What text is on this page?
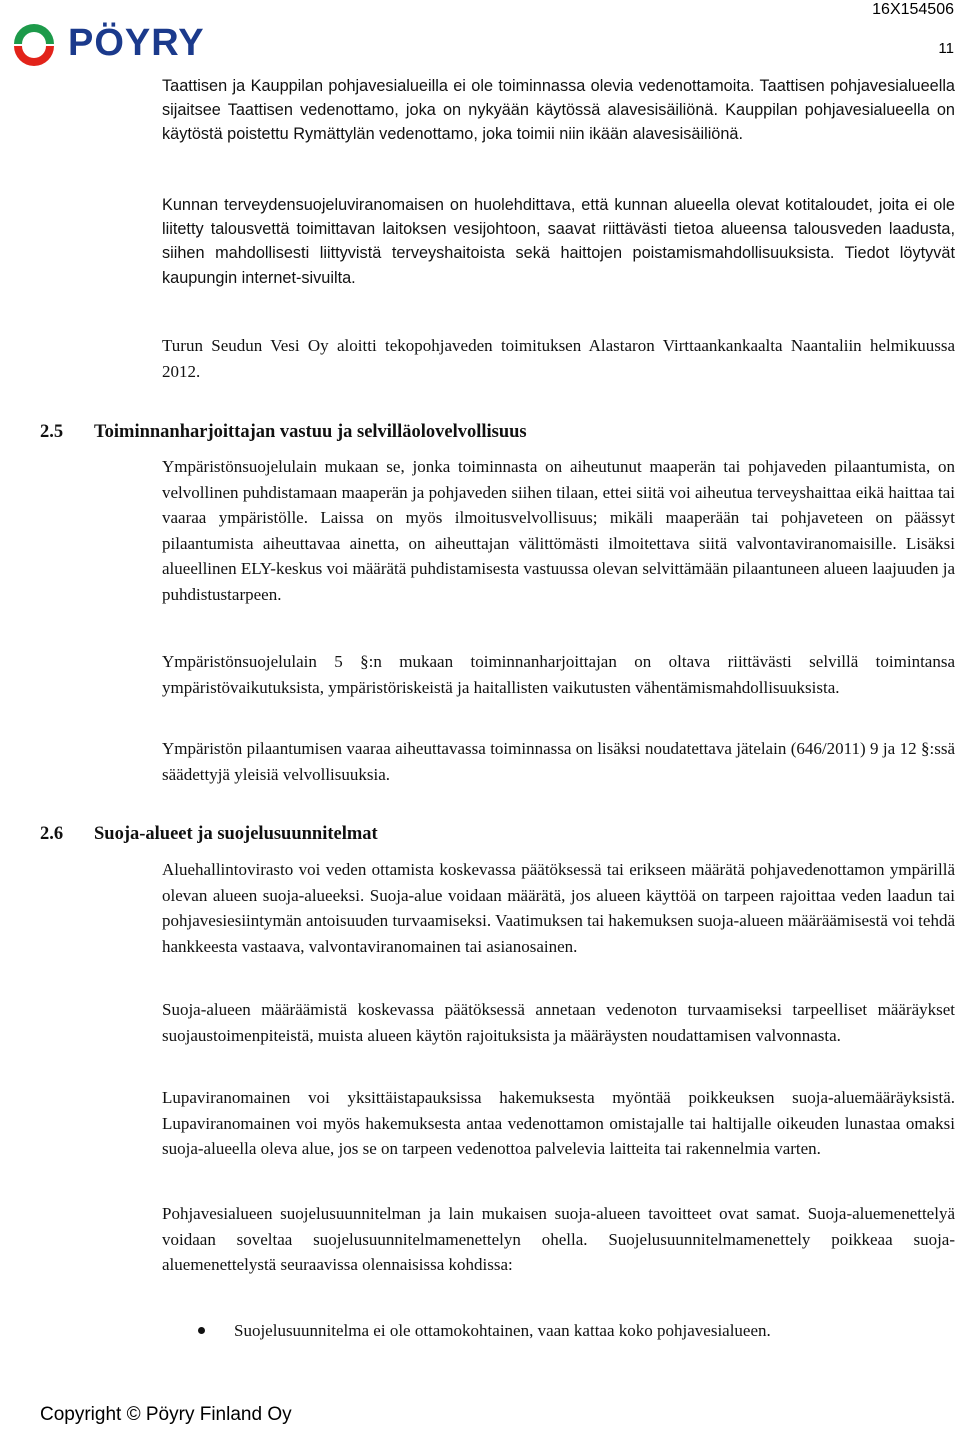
PÖYRY
16X154506
11

Taattisen ja Kauppilan pohjavesialueilla ei ole toiminnassa olevia vedenottamoita. Taattisen pohjavesialueella sijaitsee Taattisen vedenottamo, joka on nykyään käytössä alavesisäiliönä. Kauppilan pohjavesialueella on käytöstä poistettu Rymättylän vedenottamo, joka toimii niin ikään alavesisäiliönä.

Kunnan terveydensuojeluviranomaisen on huolehdittava, että kunnan alueella olevat kotitaloudet, joita ei ole liitetty talousvettä toimittavan laitoksen vesijohtoon, saavat riittävästi tietoa alueensa talousveden laadusta, siihen mahdollisesti liittyvistä terveyshaitoista sekä haittojen poistamismahdollisuuksista. Tiedot löytyvät kaupungin internet-sivuilta.

Turun Seudun Vesi Oy aloitti tekopohjaveden toimituksen Alastaron Virttaankankaalta Naantaliin helmikuussa 2012.

2.5 Toiminnanharjoittajan vastuu ja selvilläolovelvollisuus

Ympäristönsuojelulain mukaan se, jonka toiminnasta on aiheutunut maaperän tai pohjaveden pilaantumista, on velvollinen puhdistamaan maaperän ja pohjaveden siihen tilaan, ettei siitä voi aiheutua terveyshaittaa eikä haittaa tai vaaraa ympäristölle. Laissa on myös ilmoitusvelvollisuus; mikäli maaperään tai pohjaveteen on päässyt pilaantumista aiheuttavaa ainetta, on aiheuttajan välittömästi ilmoitettava siitä valvontaviranomaisille. Lisäksi alueellinen ELY-keskus voi määrätä puhdistamisesta vastuussa olevan selvittämään pilaantuneen alueen laajuuden ja puhdistustarpeen.

Ympäristönsuojelulain 5 §:n mukaan toiminnanharjoittajan on oltava riittävästi selvillä toimintansa ympäristövaikutuksista, ympäristöriskeistä ja haitallisten vaikutusten vähentämismahdollisuuksista.

Ympäristön pilaantumisen vaaraa aiheuttavassa toiminnassa on lisäksi noudatettava jätelain (646/2011) 9 ja 12 §:ssä säädettyjä yleisiä velvollisuuksia.

2.6 Suoja-alueet ja suojelusuunnitelmat

Aluehallintovirasto voi veden ottamista koskevassa päätöksessä tai erikseen määrätä pohjavedenottamon ympärillä olevan alueen suoja-alueeksi. Suoja-alue voidaan määrätä, jos alueen käyttöä on tarpeen rajoittaa veden laadun tai pohjavesiesiintymän antoisuuden turvaamiseksi. Vaatimuksen tai hakemuksen suoja-alueen määräämisestä voi tehdä hankkeesta vastaava, valvontaviranomainen tai asianosainen.

Suoja-alueen määräämistä koskevassa päätöksessä annetaan vedenoton turvaamiseksi tarpeelliset määräykset suojaustoimenpiteistä, muista alueen käytön rajoituksista ja määräysten noudattamisen valvonnasta.

Lupaviranomainen voi yksittäistapauksissa hakemuksesta myöntää poikkeuksen suoja-aluemääräyksistä. Lupaviranomainen voi myös hakemuksesta antaa vedenottamon omistajalle tai haltijalle oikeuden lunastaa omaksi suoja-alueella oleva alue, jos se on tarpeen vedenottoa palvelevia laitteita tai rakennelmia varten.

Pohjavesialueen suojelusuunnitelman ja lain mukaisen suoja-alueen tavoitteet ovat samat. Suoja-aluemenettelyä voidaan soveltaa suojelusuunnitelmamenettelyn ohella. Suojelusuunnitelmamenettely poikkeaa suoja-aluemenettelystä seuraavissa olennaisissa kohdissa:

Suojelusuunnitelma ei ole ottamokohtainen, vaan kattaa koko pohjavesialueen.
Copyright © Pöyry Finland Oy
